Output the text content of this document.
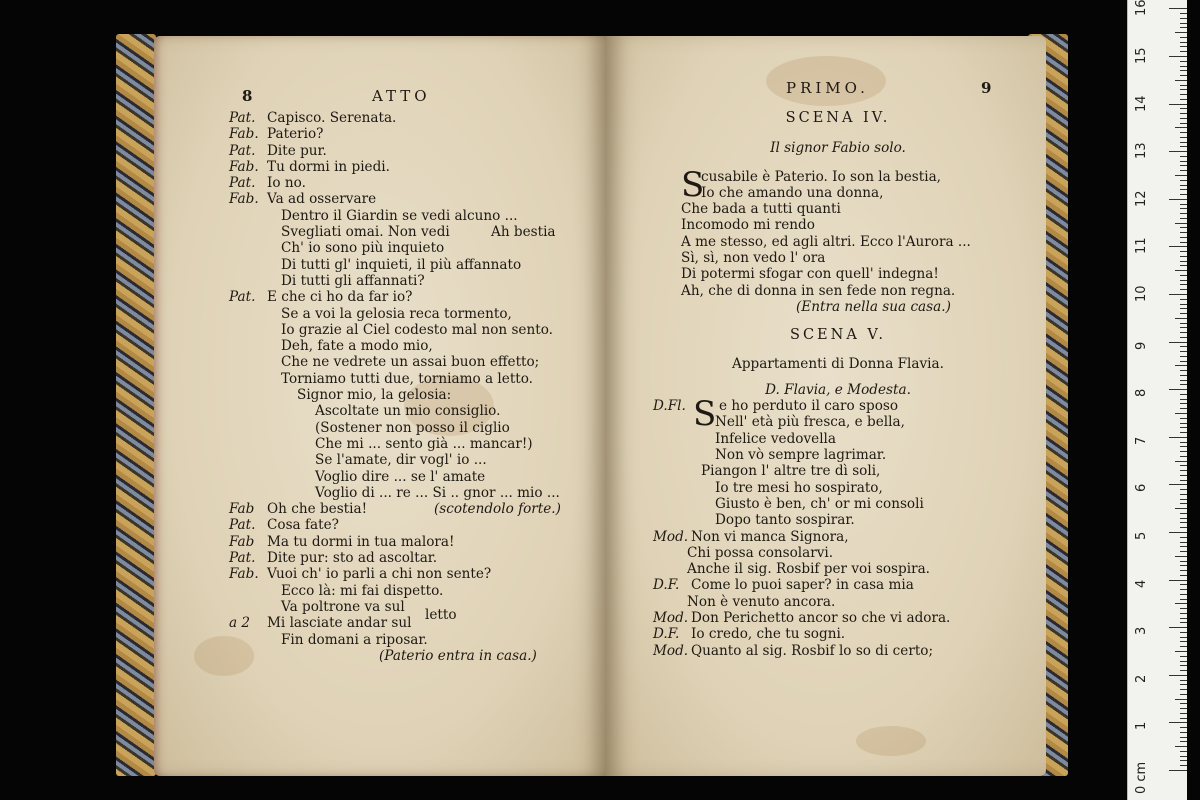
8	ATTO
Pat. Capisco. Serenata.
Fab. Paterio?
Pat. Dite pur.
Fab. Tu dormi in piedi.
Pat. Io no.
Fab. Va ad osservare
Dentro il Giardin se vedi alcuno ...
Svegliati omai. Non vedi	Ah bestia
Ch' io sono più inquieto
Di tutti gl' inquieti, il più affannato
Di tutti gli affannati?
Pat. E che ci ho da far io?
Se a voi la gelosia reca tormento,
Io grazie al Ciel codesto mal non sento.
Deh, fate a modo mio,
Che ne vedrete un assai buon effetto;
Torniamo tutti due, torniamo a letto.
Signor mio, la gelosia:
Ascoltate un mio consiglio.
(Sostener non posso il ciglio
Che mi ... sento già ... mancar!)
Se l'amate, dir vogl' io ...
Voglio dire ... se l' amate
Voglio di ... re ... Si .. gnor ... mio ...
Fab Oh che bestia!	(scotendolo forte.)
Pat. Cosa fate?
Fab Ma tu dormi in tua malora!
Pat. Dite pur: sto ad ascoltar.
Fab. Vuoi ch' io parli a chi non sente?
Ecco là: mi fai dispetto.
Va poltrone va sul letto
a 2 Mi lasciate andar sul
Fin domani a riposar.
(Paterio entra in casa.)
PRIMO.	9
SCENA IV.
Il signor Fabio solo.
S
cusabile è Paterio. Io son la bestia,
Io che amando una donna,
Che bada a tutti quanti
Incomodo mi rendo
A me stesso, ed agli altri. Ecco l'Aurora ...
Sì, sì, non vedo l' ora
Di potermi sfogar con quell' indegna!
Ah, che di donna in sen fede non regna.
(Entra nella sua casa.)
SCENA V.
Appartamenti di Donna Flavia.
D. Flavia, e Modesta.
D.Fl. S e ho perduto il caro sposo
Nell' età più fresca, e bella,
Infelice vedovella
Non vò sempre lagrimar.
Piangon l' altre tre dì soli,
Io tre mesi ho sospirato,
Giusto è ben, ch' or mi consoli
Dopo tanto sospirar.
Mod. Non vi manca Signora,
Chi possa consolarvi.
Anche il sig. Rosbif per voi sospira.
D.F. Come lo puoi saper? in casa mia
Non è venuto ancora.
Mod. Don Perichetto ancor so che vi adora.
D.F. Io credo, che tu sogni.
Mod. Quanto al sig. Rosbif lo so di certo;
0 cm
1
2
3
4
5
6
7
8
9
10
11
12
13
14
15
16
